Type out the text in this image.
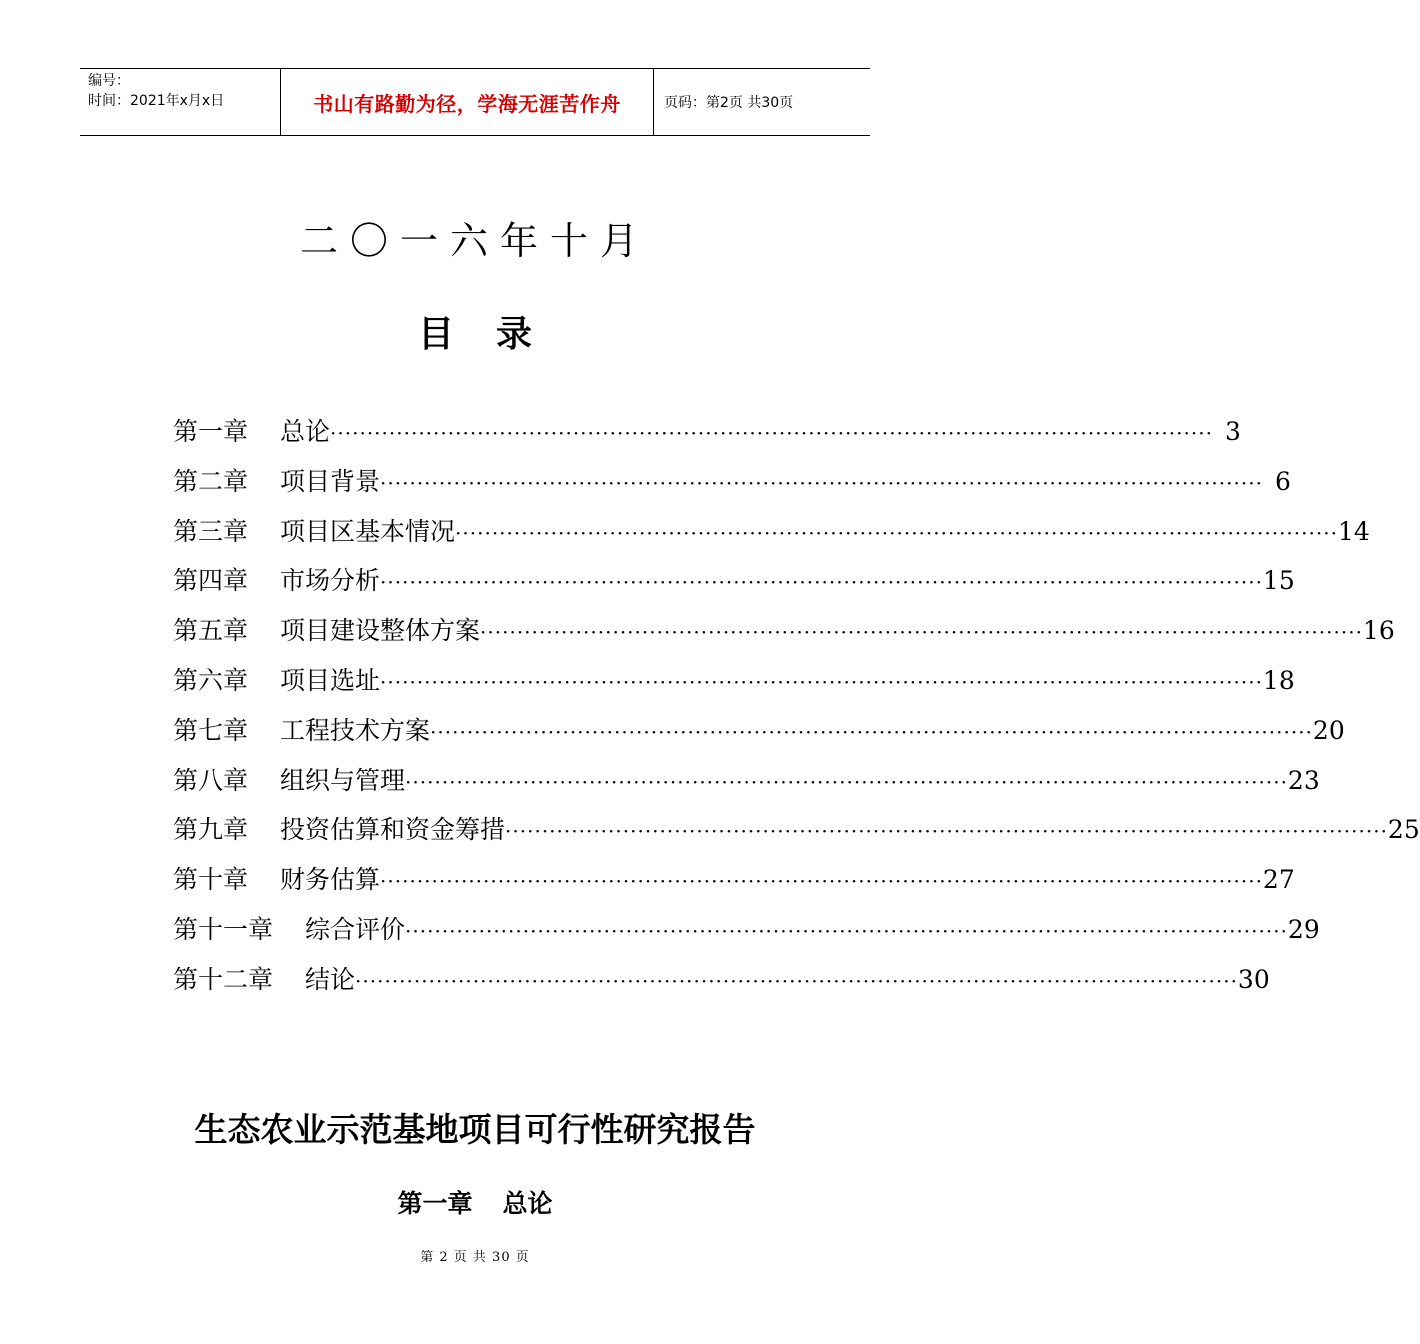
编号：
时间：2021年x月x日	书山有路勤为径，学海无涯苦作舟	页码：第2页 共30页
二〇一六年十月
目 录
第一章 总论 ························································································································ 3
第二章 项目背景 ························································································································ 6
第三章 项目区基本情况 ························································································································ 14
第四章 市场分析 ························································································································ 15
第五章 项目建设整体方案 ························································································································ 16
第六章 项目选址 ························································································································ 18
第七章 工程技术方案 ························································································································ 20
第八章 组织与管理 ························································································································ 23
第九章 投资估算和资金筹措 ························································································································ 25
第十章 财务估算 ························································································································ 27
第十一章 综合评价 ························································································································ 29
第十二章 结论 ························································································································ 30
生态农业示范基地项目可行性研究报告
第一章 总论
第 2 页 共 30 页
